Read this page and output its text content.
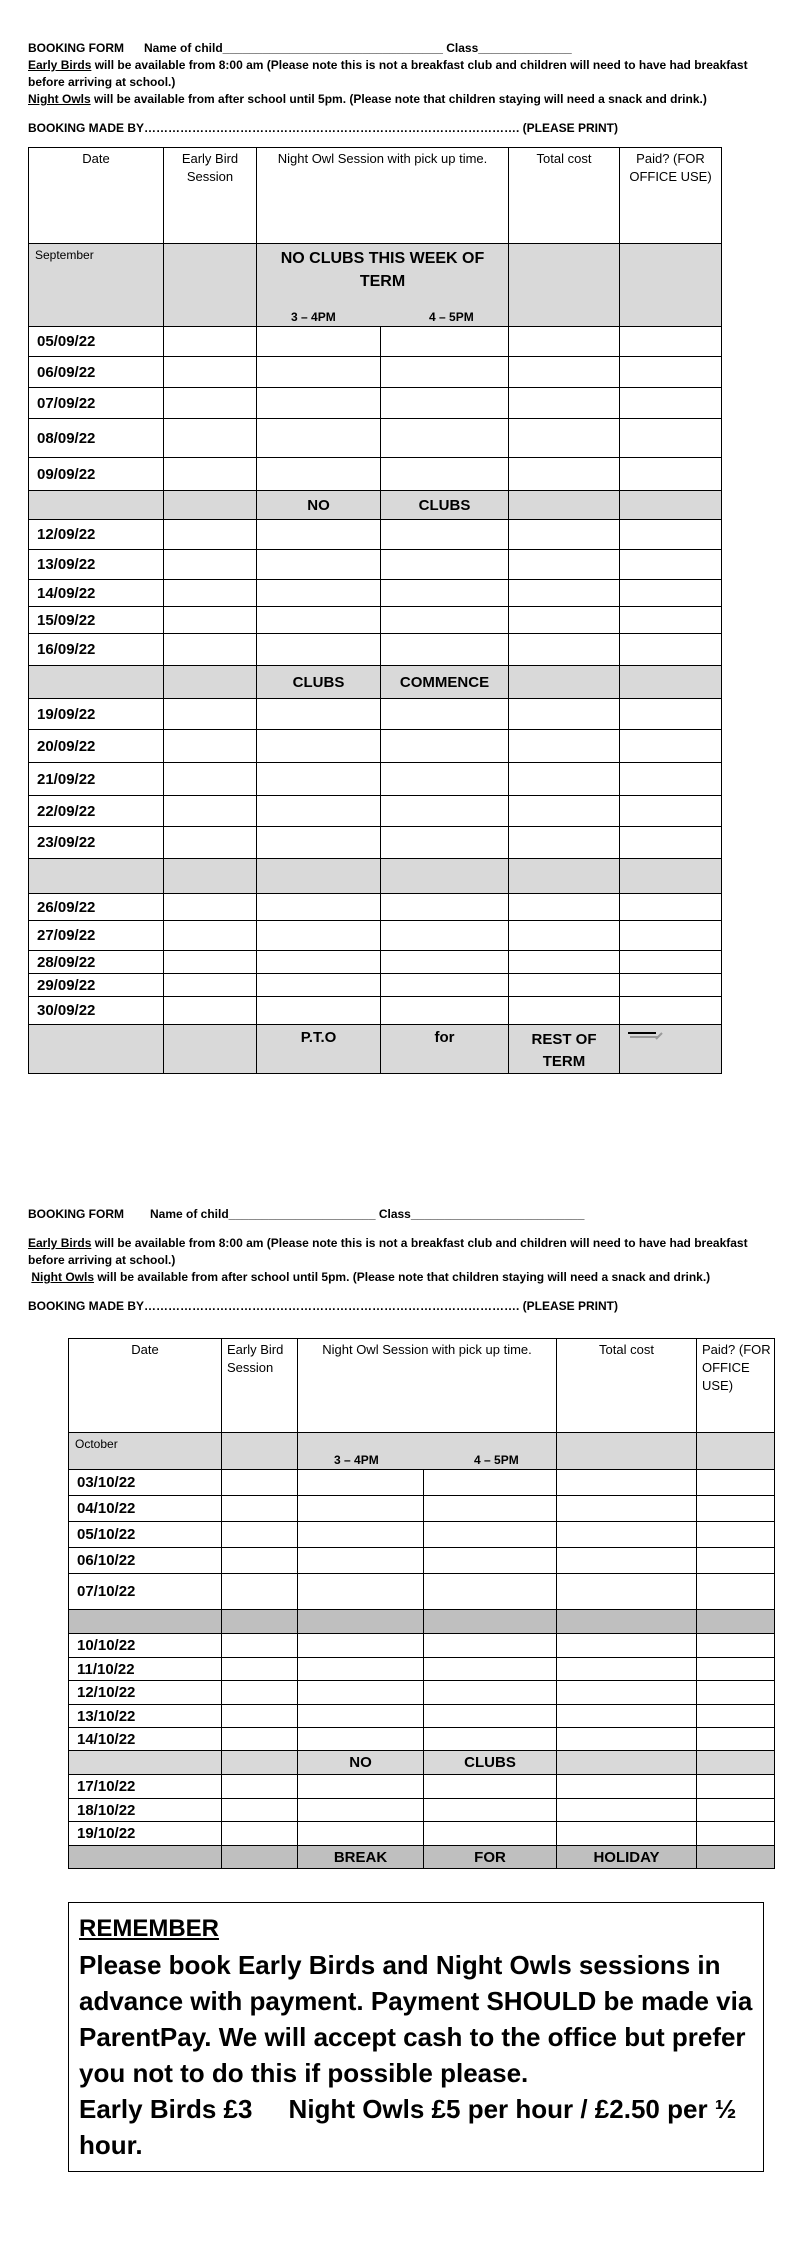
BOOKING FORM Name of child_________________________________ Class______________
Early Birds will be available from 8:00 am (Please note this is not a breakfast club and children will need to have had breakfast before arriving at school.)
Night Owls will be available from after school until 5pm. (Please note that children staying will need a snack and drink.)
BOOKING MADE BY…………………………………………………………………………………. (PLEASE PRINT)
Date	Early Bird Session	Night Owl Session with pick up time.		Total cost	Paid? (FOR OFFICE USE)

September		NO CLUBS THIS WEEK OF TERM
3 – 4PM 4 – 5PM			

05/09/22					
06/09/22					
07/09/22					
08/09/22					
09/09/22					
		NO	CLUBS		
12/09/22					
13/09/22					
14/09/22					
15/09/22					
16/09/22					
		CLUBS	COMMENCE		
19/09/22					
20/09/22					
21/09/22					
22/09/22					
23/09/22					

26/09/22					
27/09/22					
28/09/22					
29/09/22					
30/09/22					
		P.T.O	for	REST OF TERM	
BOOKING FORM Name of child______________________ Class__________________________
Early Birds will be available from 8:00 am (Please note this is not a breakfast club and children will need to have had breakfast before arriving at school.)
Night Owls will be available from after school until 5pm. (Please note that children staying will need a snack and drink.)
BOOKING MADE BY…………………………………………………………………………………. (PLEASE PRINT)
Date	Early Bird Session	Night Owl Session with pick up time.		Total cost	Paid? (FOR OFFICE USE)

October		3 – 4PM 4 – 5PM			

03/10/22					
04/10/22					
05/10/22					
06/10/22					
07/10/22					

10/10/22					
11/10/22					
12/10/22					
13/10/22					
14/10/22					
		NO	CLUBS		
17/10/22					
18/10/22					
19/10/22					
		BREAK	FOR	HOLIDAY	
REMEMBER
Please book Early Birds and Night Owls sessions in advance with payment. Payment SHOULD be made via ParentPay. We will accept cash to the office but prefer you not to do this if possible please.
Early Birds £3     Night Owls £5 per hour / £2.50 per ½ hour.
